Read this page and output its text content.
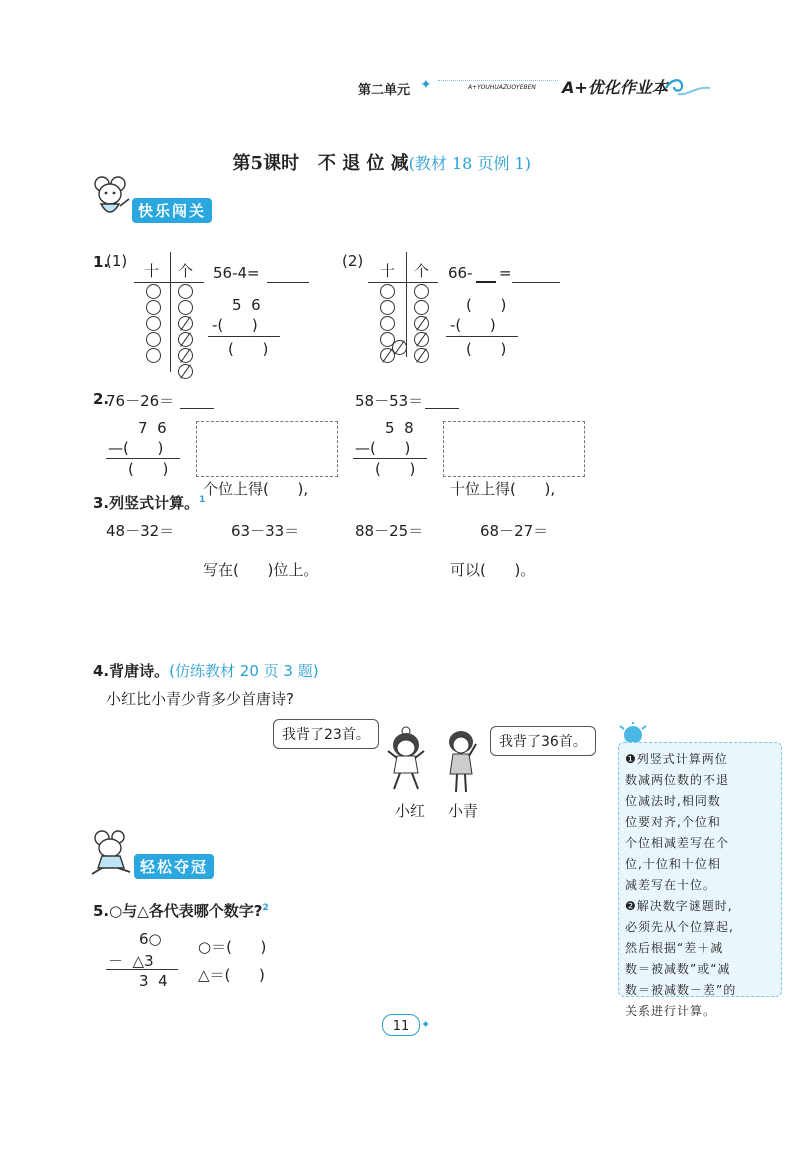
第二单元 ✦	A+YOUHUAZUOYEBEN A+优化作业本

第5课时   不 退 位 减(教材 18 页例 1)

快乐闯关
1.
(1)
十 个 56-4=
5  6
-(      )
(      )
(2)
十 个 66- =
(      )
-(      )
(      )
2.
76－26＝	58－53＝
7  6
—(      )
(      )

个位上得(      ),

写在(      )位上。

5  8
—(      )
(      )

十位上得(      ),

可以(      )。

3.列竖式计算。$^1$
48－32＝	63－33＝	88－25＝	68－27＝
4.背唐诗。(仿练教材 20 页 3 题)
小红比小青少背多少首唐诗?
我背了23首。	我背了36首。
小红 小青
❶列竖式计算两位
数减两位数的不退
位减法时,相同数
位要对齐,个位和
个位相减差写在个
位,十位和十位相
减差写在十位。
❷解决数字谜题时,
必须先从个位算起,
然后根据“差＋减
数＝被减数”或“减
数＝被减数－差”的
关系进行计算。
轻松夺冠
5.○与△各代表哪个数字?$^2$
6○
－  △3
3  4
○＝(      )
△＝(      )
11	✦
